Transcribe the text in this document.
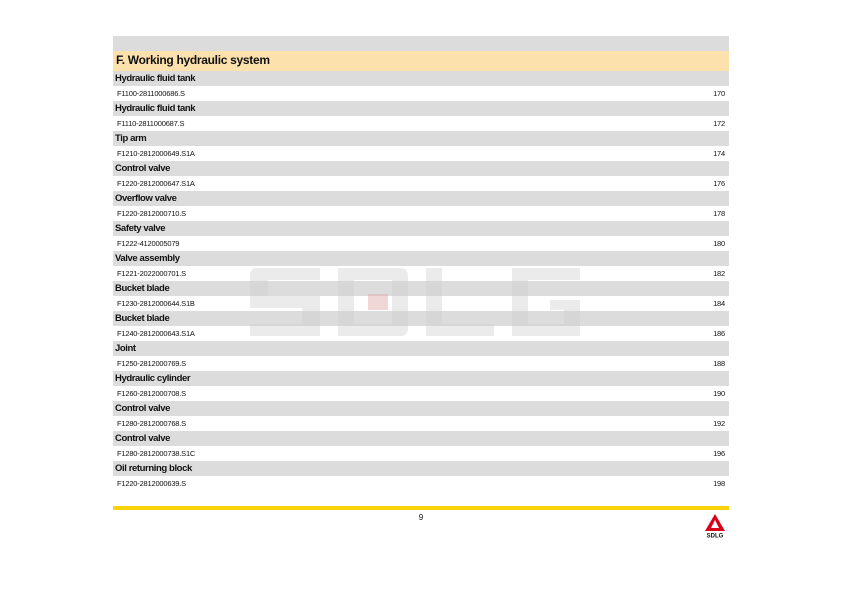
F. Working hydraulic system
Hydraulic fluid tank
F1100-2811000686.S	170
Hydraulic fluid tank
F1110-2811000687.S	172
Tip arm
F1210-2812000649.S1A	174
Control valve
F1220-2812000647.S1A	176
Overflow valve
F1220-2812000710.S	178
Safety valve
F1222-4120005079	180
Valve assembly
F1221-2022000701.S	182
Bucket blade
F1230-2812000644.S1B	184
Bucket blade
F1240-2812000643.S1A	186
Joint
F1250-2812000769.S	188
Hydraulic cylinder
F1260-2812000708.S	190
Control valve
F1280-2812000768.S	192
Control valve
F1280-2812000738.S1C	196
Oil returning block
F1220-2812000639.S	198
9
SDLG
